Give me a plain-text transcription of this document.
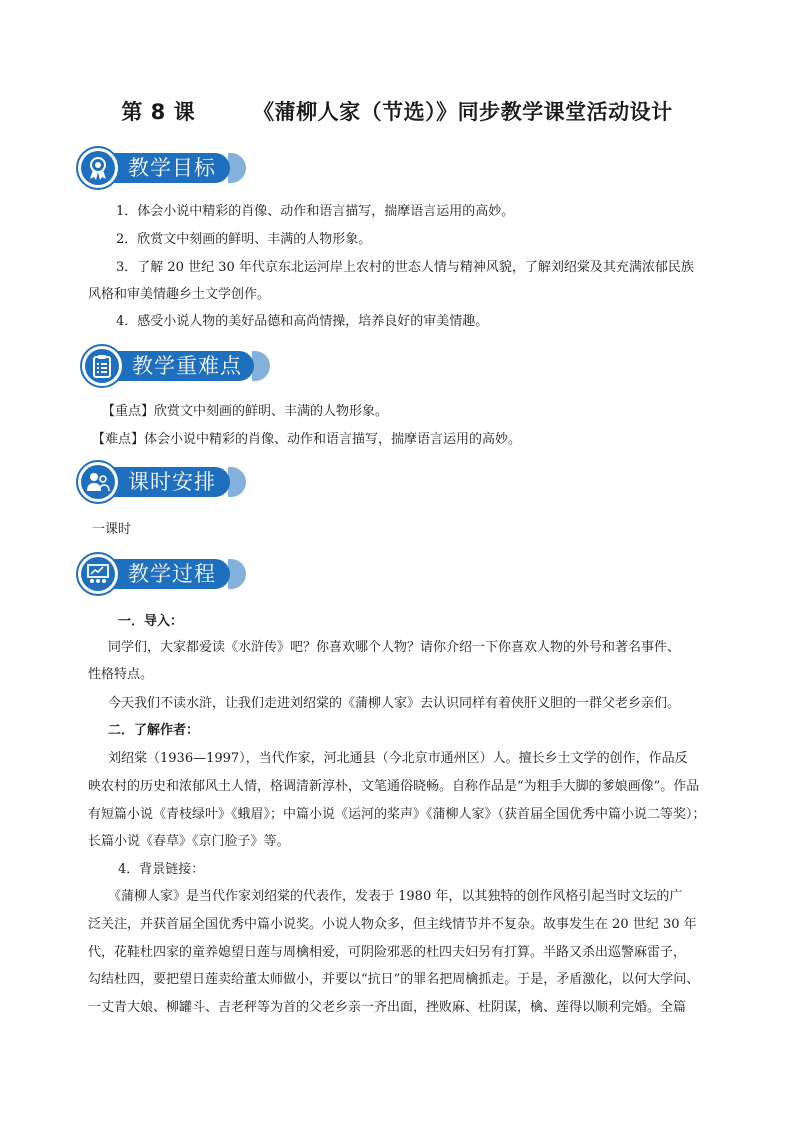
第 8 课	《蒲柳人家（节选）》同步教学课堂活动设计
教学目标

1．体会小说中精彩的肖像、动作和语言描写，揣摩语言运用的高妙。

2．欣赏文中刻画的鲜明、丰满的人物形象。

3．了解 20 世纪 30 年代京东北运河岸上农村的世态人情与精神风貌，了解刘绍棠及其充满浓郁民族

风格和审美情趣乡土文学创作。

4．感受小说人物的美好品德和高尚情操，培养良好的审美情趣。

教学重难点

【重点】欣赏文中刻画的鲜明、丰满的人物形象。

【难点】体会小说中精彩的肖像、动作和语言描写，揣摩语言运用的高妙。

课时安排

一课时

教学过程

一．导入：

同学们，大家都爱读《水浒传》吧？你喜欢哪个人物？请你介绍一下你喜欢人物的外号和著名事件、

性格特点。

今天我们不读水浒，让我们走进刘绍棠的《蒲柳人家》去认识同样有着侠肝义胆的一群父老乡亲们。

二．了解作者：

刘绍棠（1936—1997），当代作家，河北通县（今北京市通州区）人。擅长乡土文学的创作，作品反

映农村的历史和浓郁风土人情，格调清新淳朴，文笔通俗晓畅。自称作品是“为粗手大脚的爹娘画像”。作品

有短篇小说《青枝绿叶》《蛾眉》；中篇小说《运河的桨声》《蒲柳人家》（获首届全国优秀中篇小说二等奖）；

长篇小说《春草》《京门脸子》等。

4．背景链接：

《蒲柳人家》是当代作家刘绍棠的代表作，发表于 1980 年，以其独特的创作风格引起当时文坛的广

泛关注，并获首届全国优秀中篇小说奖。小说人物众多，但主线情节并不复杂。故事发生在 20 世纪 30 年

代，花鞋杜四家的童养媳望日莲与周檎相爱，可阴险邪恶的杜四夫妇另有打算。半路又杀出巡警麻雷子，

勾结杜四，要把望日莲卖给董太师做小，并要以“抗日”的罪名把周檎抓走。于是，矛盾激化，以何大学问、

一丈青大娘、柳罐斗、吉老秤等为首的父老乡亲一齐出面，挫败麻、杜阴谋，檎、莲得以顺利完婚。全篇
